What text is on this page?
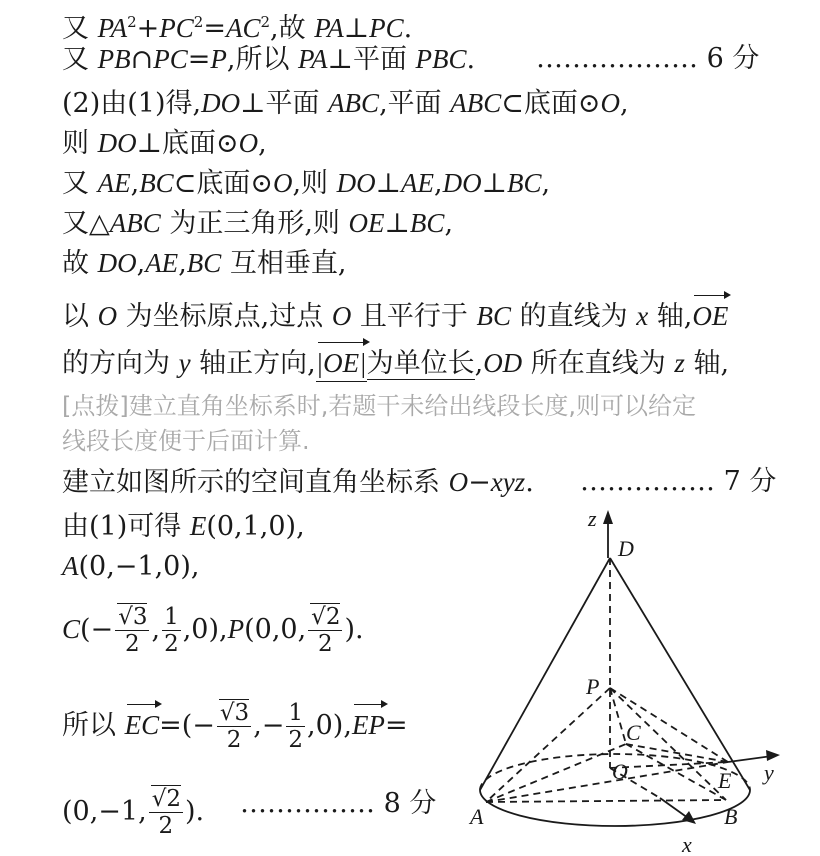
又 $PA^2+PC^2=AC^2$,故 PA⊥PC.
又 PB∩PC=P,所以 PA⊥平面 PBC. ……………… 6 分
(2)由(1)得,DO⊥平面 ABC,平面 ABC⊂底面⊙O,
则 DO⊥底面⊙O,
又 AE,BC⊂底面⊙O,则 DO⊥AE,DO⊥BC,
又△ABC 为正三角形,则 OE⊥BC,
故 DO,AE,BC 互相垂直,
以 O 为坐标原点,过点 O 且平行于 BC 的直线为 x 轴,OE
的方向为 y 轴正方向,|OE|为单位长,OD 所在直线为 z 轴,
[点拨]建立直角坐标系时,若题干未给出线段长度,则可以给定
线段长度便于后面计算.
建立如图所示的空间直角坐标系 O−xyz. …………… 7 分
由(1)可得 E(0,1,0),
A(0,−1,0),
$C(- \frac{√3}{2}$ , $\frac{1}{2} ,0),P(0,0$, $\frac{√2}{2}$ ).
所以 $EC=(- \frac{√3}{2}$ ,− $\frac{1}{2} ,0),EP=$
(0,−1, $\frac{√2}{2}$ ). …………… 8 分
z
D
P
C
O	E y
A	B
x
